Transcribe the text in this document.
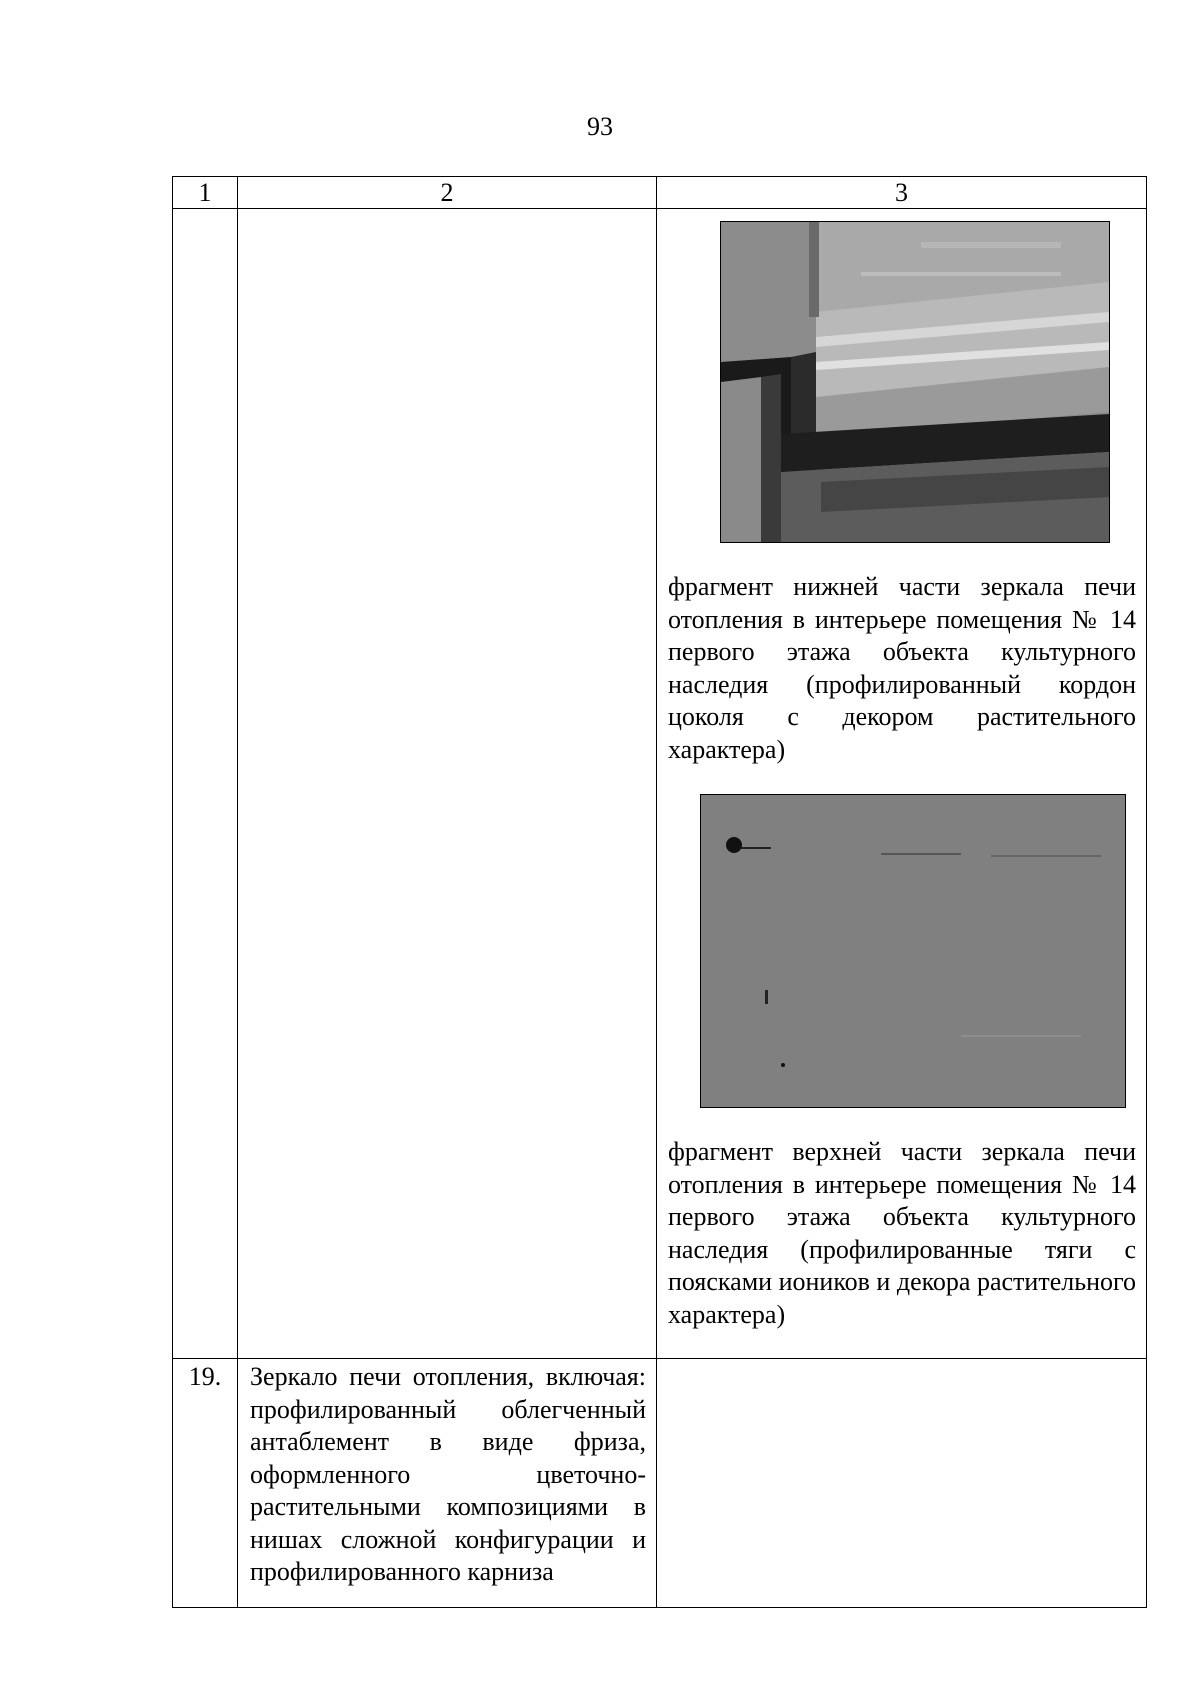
93
1	2	3

		фрагмент нижней части зеркала печи отопления в интерьере помещения № 14 первого этажа объекта культурного наследия (профилированный кордон цоколя с декором растительного характера)
фрагмент верхней части зеркала печи отопления в интерьере помещения № 14 первого этажа объекта культурного наследия (профилированные тяги с поясками иоников и декора растительного характера)

19.	Зеркало печи отопления, включая: профилированный облегченный антаблемент в виде фриза, оформленного цветочно-растительными композициями в нишах сложной конфигурации и профилированного карниза	
